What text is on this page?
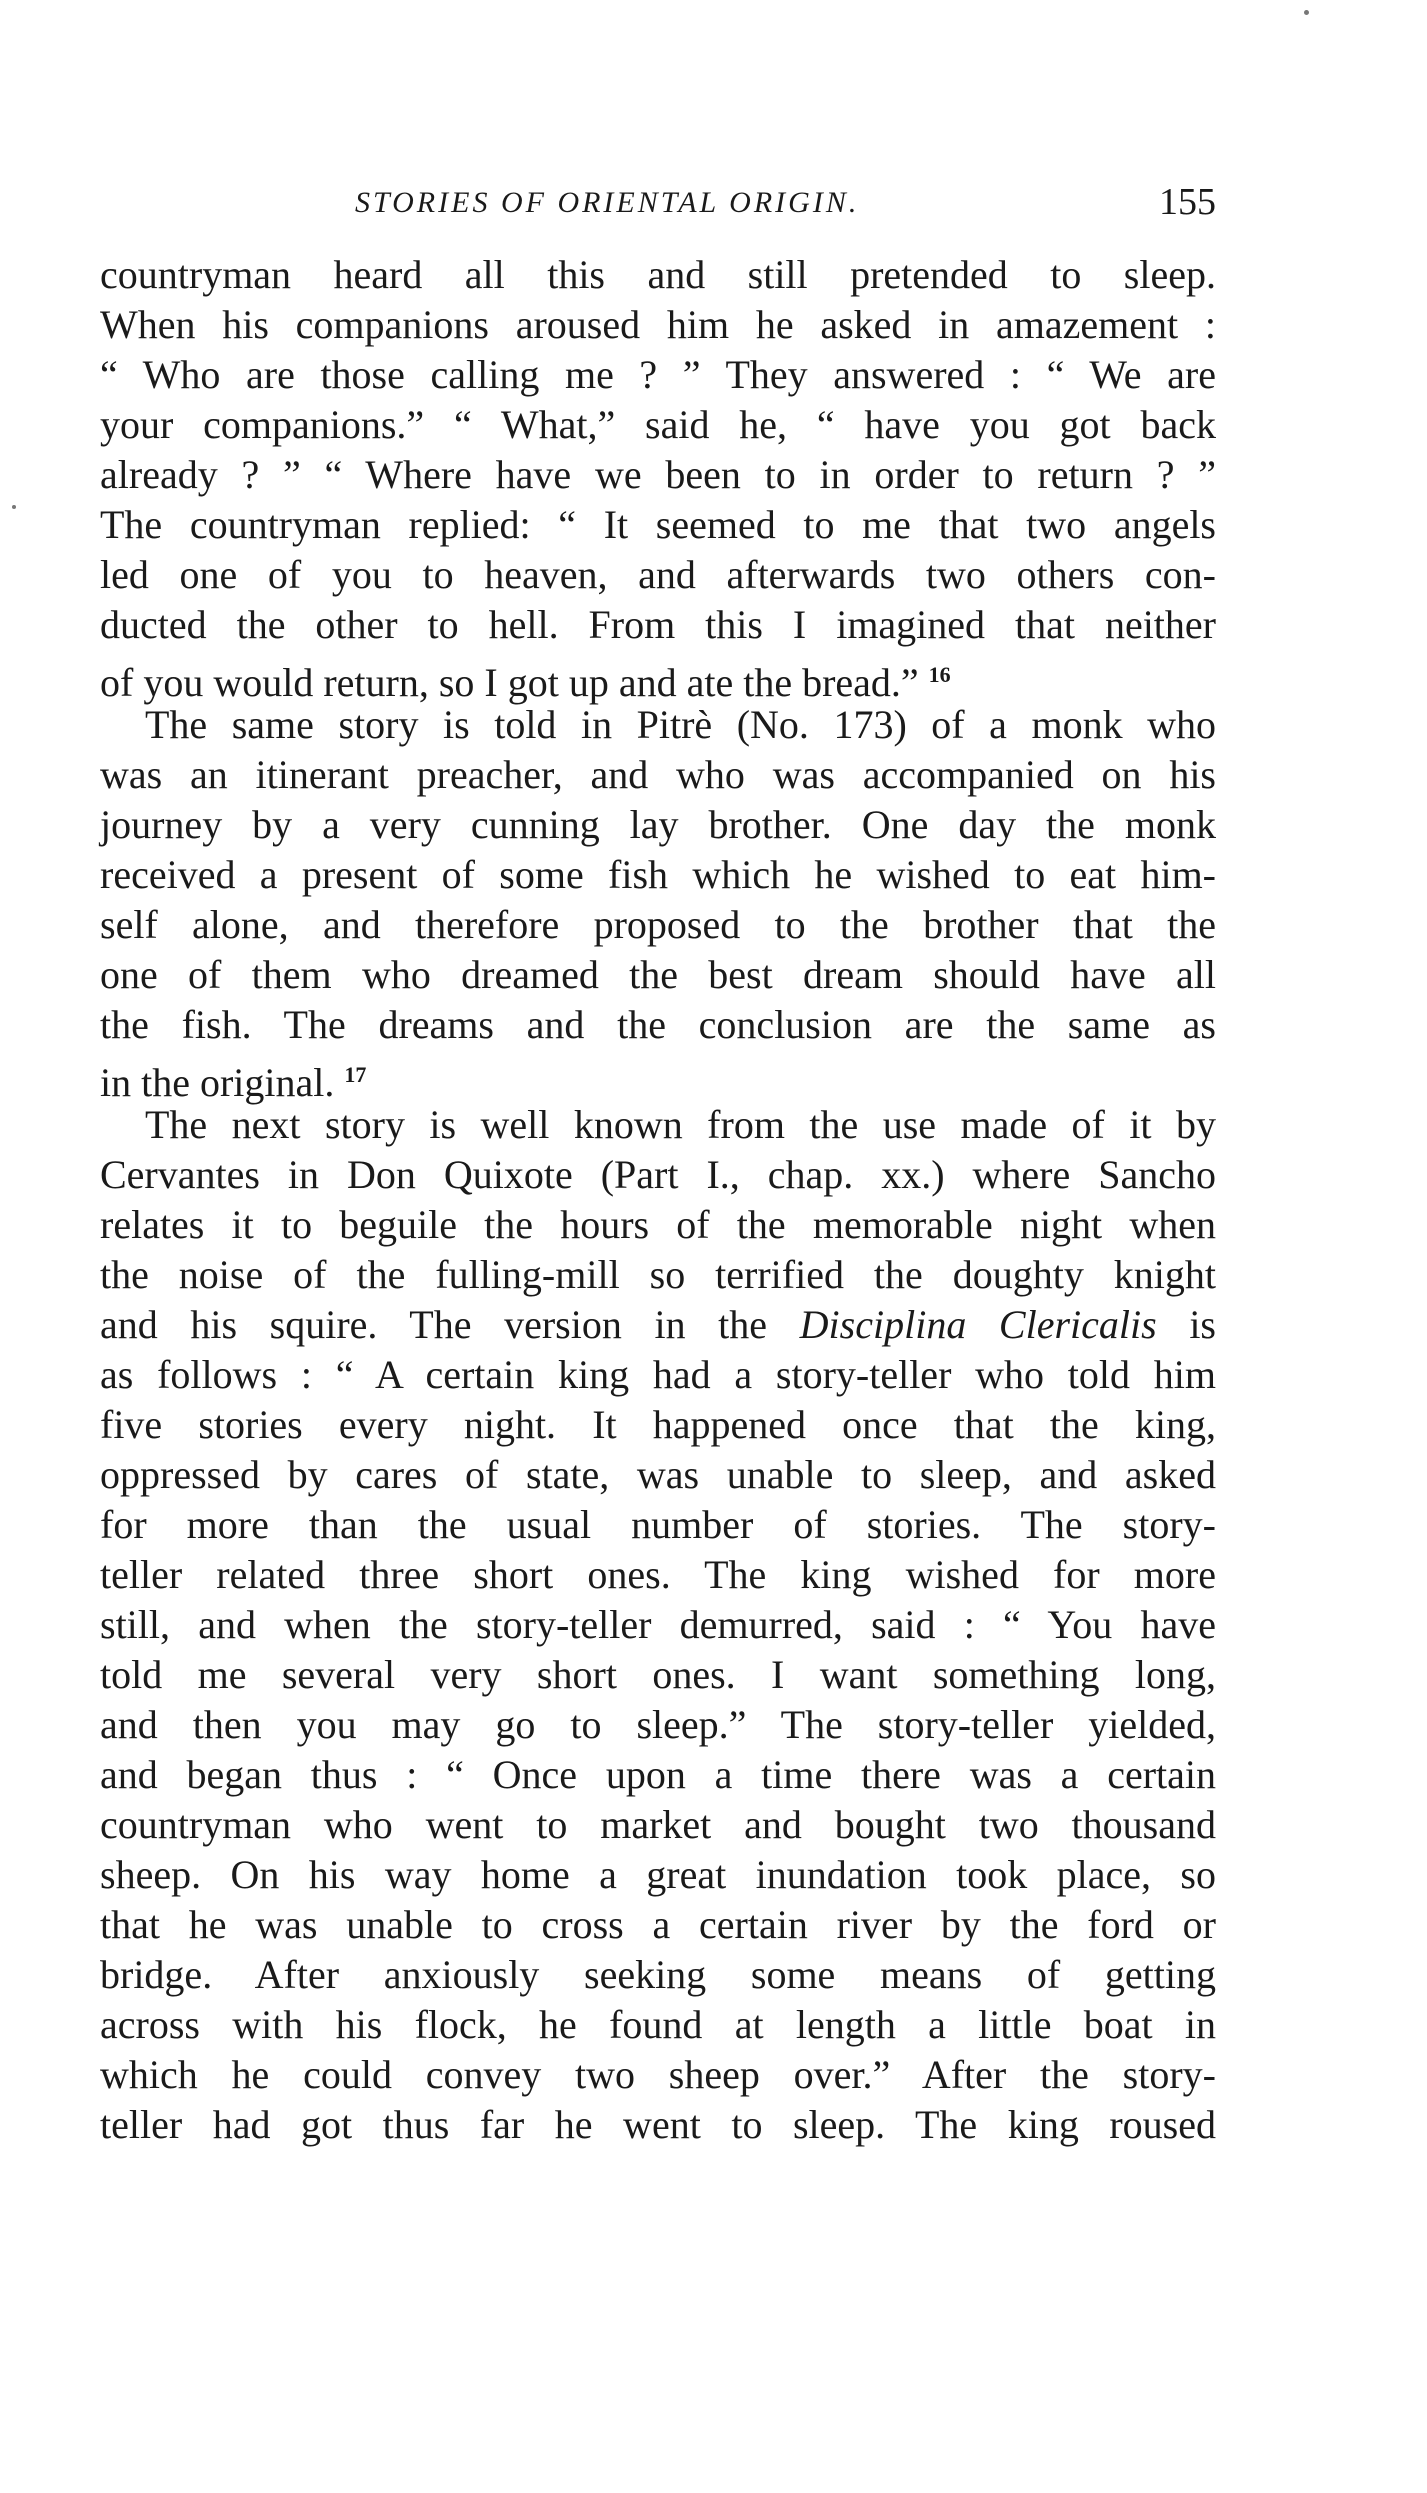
STORIES OF ORIENTAL ORIGIN.	155
countryman heard all this and still pretended to sleep.
When his companions aroused him he asked in amazement :
“ Who are those calling me ? ” They answered : “ We are
your companions.” “ What,” said he, “ have you got back
already ? ” “ Where have we been to in order to return ? ”
The countryman replied: “ It seemed to me that two angels
led one of you to heaven, and afterwards two others con-
ducted the other to hell. From this I imagined that neither
of you would return, so I got up and ate the bread.” $^{16}$
The same story is told in Pitrè (No. 173) of a monk who
was an itinerant preacher, and who was accompanied on his
journey by a very cunning lay brother. One day the monk
received a present of some fish which he wished to eat him-
self alone, and therefore proposed to the brother that the
one of them who dreamed the best dream should have all
the fish. The dreams and the conclusion are the same as
in the original. $^{17}$
The next story is well known from the use made of it by
Cervantes in Don Quixote (Part I., chap. xx.) where Sancho
relates it to beguile the hours of the memorable night when
the noise of the fulling-mill so terrified the doughty knight
and his squire. The version in the Disciplina Clericalis is
as follows : “ A certain king had a story-teller who told him
five stories every night. It happened once that the king,
oppressed by cares of state, was unable to sleep, and asked
for more than the usual number of stories. The story-
teller related three short ones. The king wished for more
still, and when the story-teller demurred, said : “ You have
told me several very short ones. I want something long,
and then you may go to sleep.” The story-teller yielded,
and began thus : “ Once upon a time there was a certain
countryman who went to market and bought two thousand
sheep. On his way home a great inundation took place, so
that he was unable to cross a certain river by the ford or
bridge. After anxiously seeking some means of getting
across with his flock, he found at length a little boat in
which he could convey two sheep over.” After the story-
teller had got thus far he went to sleep. The king roused
